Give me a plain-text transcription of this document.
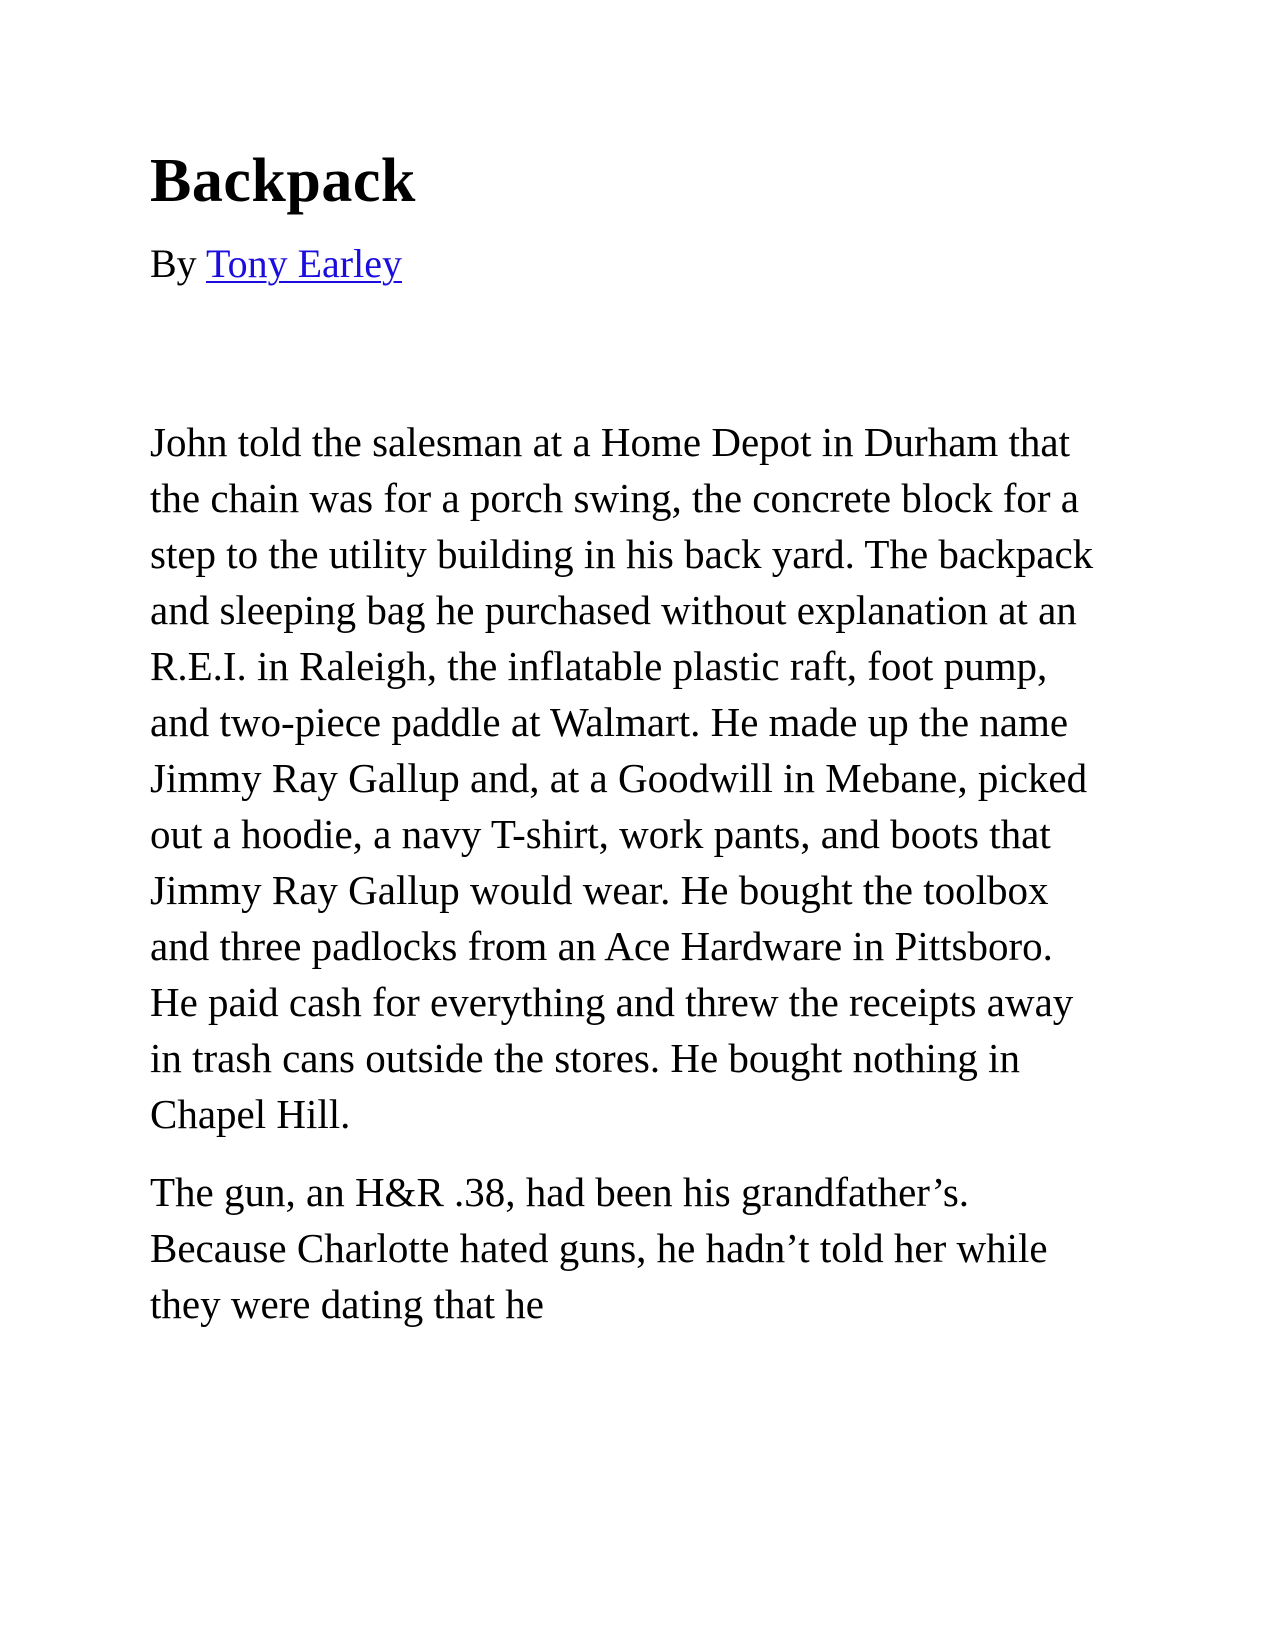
Backpack
By Tony Earley

John told the salesman at a Home Depot in Durham that the chain was for a porch swing, the concrete block for a step to the utility building in his back yard. The backpack and sleeping bag he purchased without explanation at an R.E.I. in Raleigh, the inflatable plastic raft, foot pump, and two-piece paddle at Walmart. He made up the name Jimmy Ray Gallup and, at a Goodwill in Mebane, picked out a hoodie, a navy T-shirt, work pants, and boots that Jimmy Ray Gallup would wear. He bought the toolbox and three padlocks from an Ace Hardware in Pittsboro. He paid cash for everything and threw the receipts away in trash cans outside the stores. He bought nothing in Chapel Hill.

The gun, an H&R .38, had been his grandfather’s. Because Charlotte hated guns, he hadn’t told her while they were dating that he
